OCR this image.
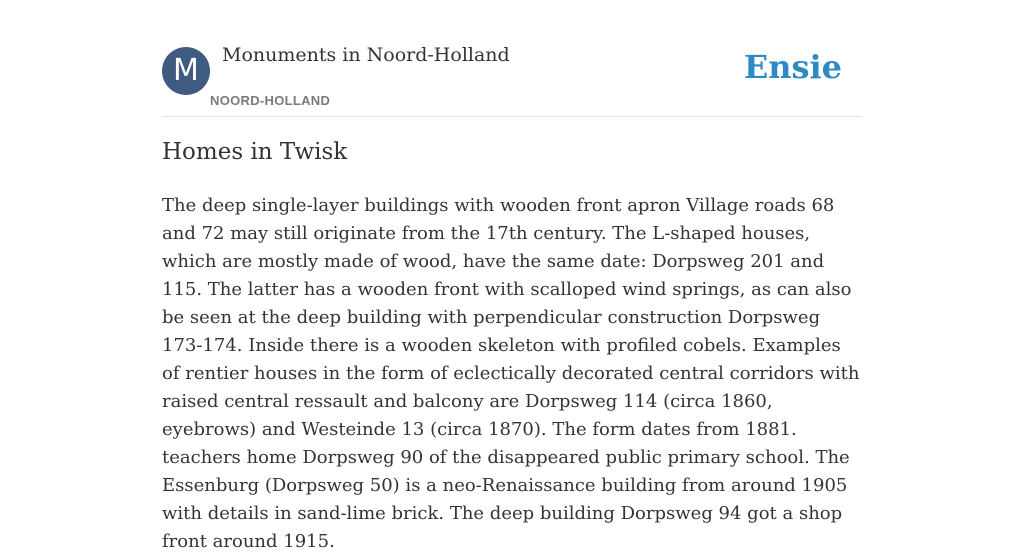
M	Monuments in Noord-Holland
NOORD-HOLLAND
Ensie
Homes in Twisk

The deep single-layer buildings with wooden front apron Village roads 68 and 72 may still originate from the 17th century. The L-shaped houses, which are mostly made of wood, have the same date: Dorpsweg 201 and 115. The latter has a wooden front with scalloped wind springs, as can also be seen at the deep building with perpendicular construction Dorpsweg 173-174. Inside there is a wooden skeleton with profiled cobels. Examples of rentier houses in the form of eclectically decorated central corridors with raised central ressault and balcony are Dorpsweg 114 (circa 1860, eyebrows) and Westeinde 13 (circa 1870). The form dates from 1881. teachers home Dorpsweg 90 of the disappeared public primary school. The Essenburg (Dorpsweg 50) is a neo-Renaissance building from around 1905 with details in sand-lime brick. The deep building Dorpsweg 94 got a shop front around 1915.
